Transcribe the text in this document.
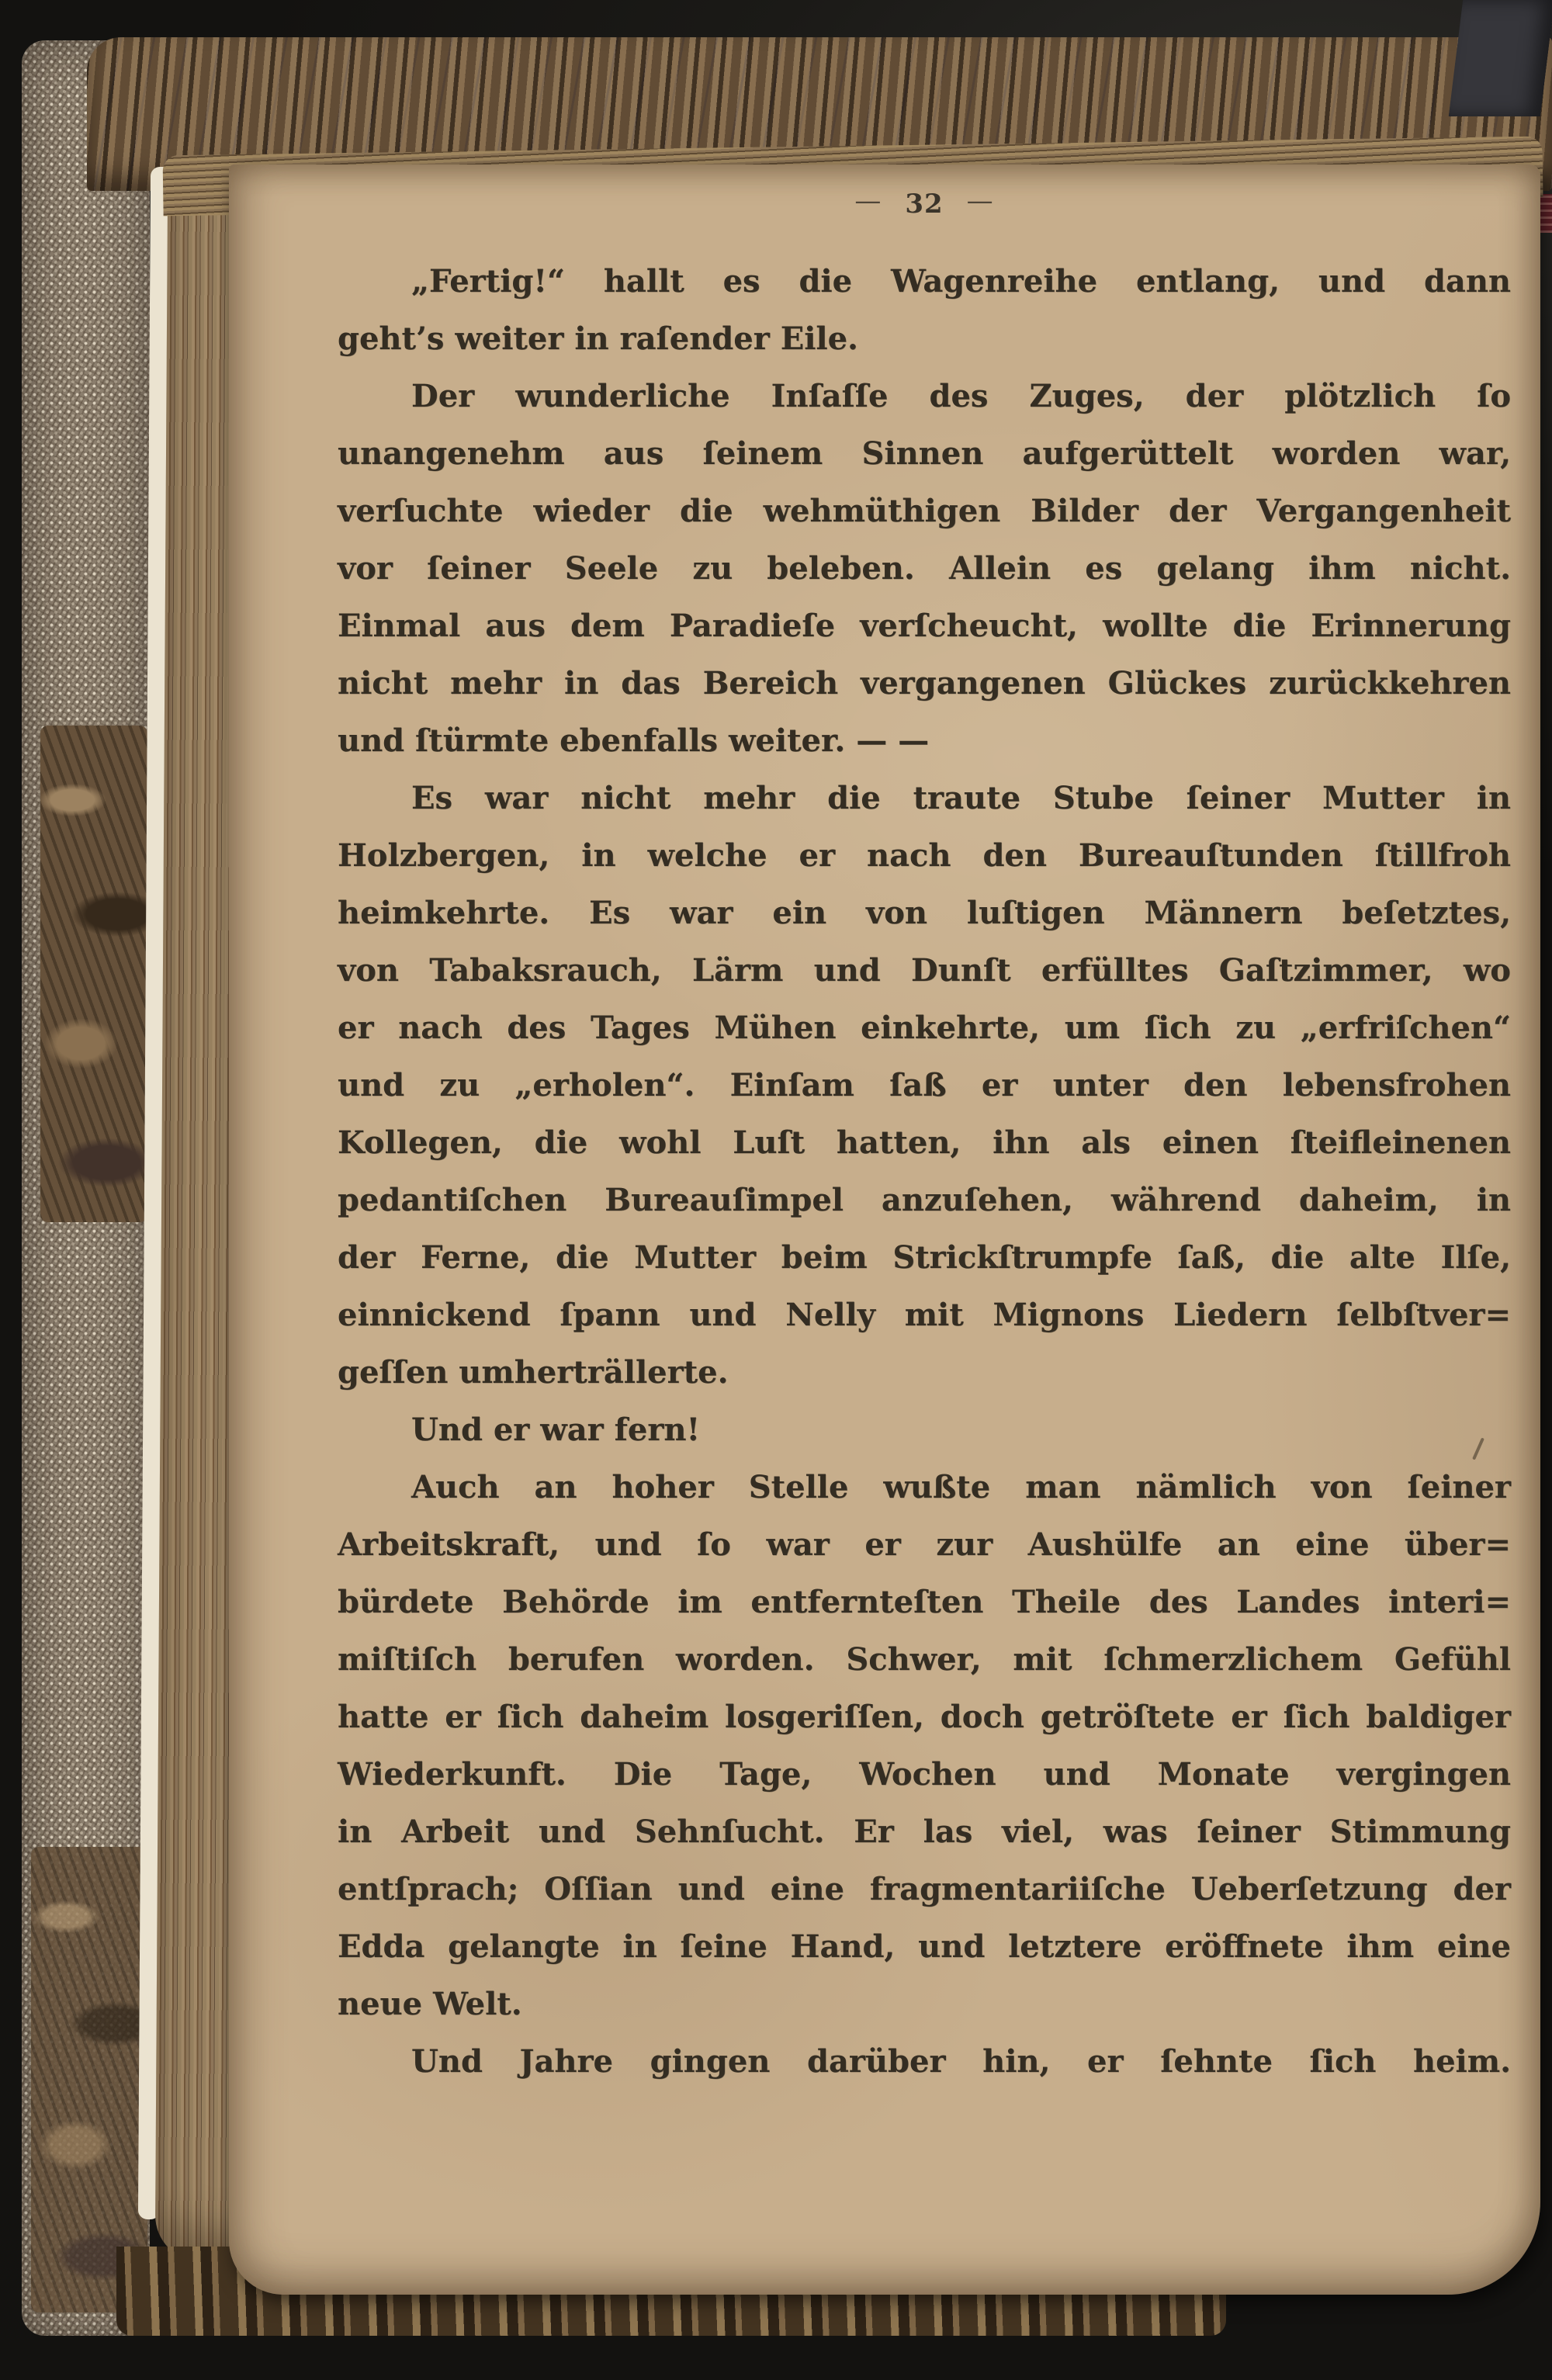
— 32 —
„Fertig!“ hallt es die Wagenreihe entlang, und dann
geht’s weiter in raſender Eile.
Der wunderliche Inſaſſe des Zuges, der plötzlich ſo
unangenehm aus ſeinem Sinnen aufgerüttelt worden war,
verſuchte wieder die wehmüthigen Bilder der Vergangenheit
vor ſeiner Seele zu beleben. Allein es gelang ihm nicht.
Einmal aus dem Paradieſe verſcheucht, wollte die Erinnerung
nicht mehr in das Bereich vergangenen Glückes zurückkehren
und ſtürmte ebenfalls weiter. — —
Es war nicht mehr die traute Stube ſeiner Mutter in
Holzbergen, in welche er nach den Bureauſtunden ſtillfroh
heimkehrte. Es war ein von luſtigen Männern beſetztes,
von Tabaksrauch, Lärm und Dunſt erfülltes Gaſtzimmer, wo
er nach des Tages Mühen einkehrte, um ſich zu „erfriſchen“
und zu „erholen“. Einſam ſaß er unter den lebensfrohen
Kollegen, die wohl Luſt hatten, ihn als einen ſteifleinenen
pedantiſchen Bureauſimpel anzuſehen, während daheim, in
der Ferne, die Mutter beim Strickſtrumpfe ſaß, die alte Ilſe,
einnickend ſpann und Nelly mit Mignons Liedern ſelbſtver=
geſſen umherträllerte.
Und er war fern!
Auch an hoher Stelle wußte man nämlich von ſeiner
Arbeitskraft, und ſo war er zur Aushülfe an eine über=
bürdete Behörde im entfernteſten Theile des Landes interi=
miſtiſch berufen worden. Schwer, mit ſchmerzlichem Gefühl
hatte er ſich daheim losgeriſſen, doch getröſtete er ſich baldiger
Wiederkunft. Die Tage, Wochen und Monate vergingen
in Arbeit und Sehnſucht. Er las viel, was ſeiner Stimmung
entſprach; Oſſian und eine fragmentariiſche Ueberſetzung der
Edda gelangte in ſeine Hand, und letztere eröffnete ihm eine
neue Welt.
Und Jahre gingen darüber hin, er ſehnte ſich heim.
